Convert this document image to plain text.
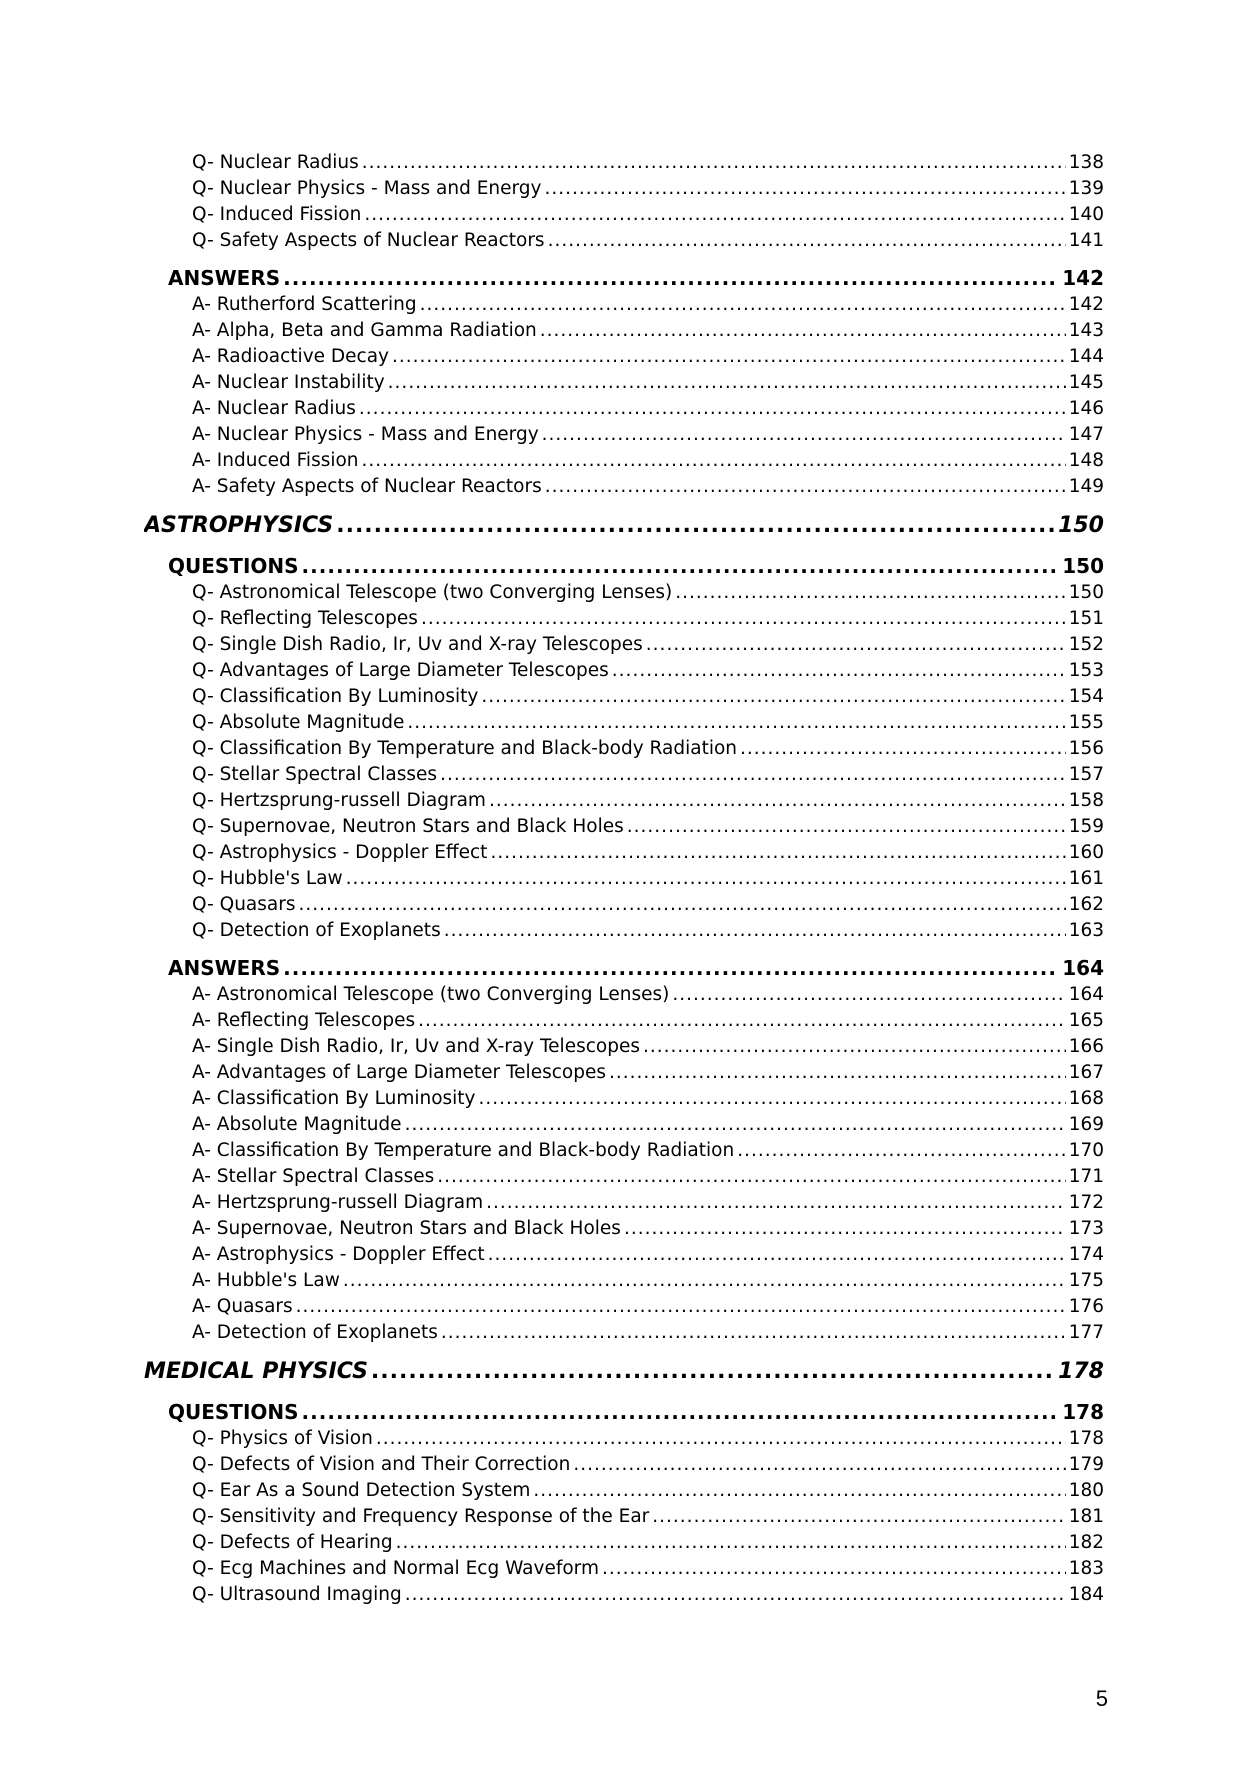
Q- Nuclear Radius .....	138
Q- Nuclear Physics - Mass and Energy .....	139
Q- Induced Fission .....	140
Q- Safety Aspects of Nuclear Reactors .....	141
ANSWERS .....	142
A- Rutherford Scattering .....	142
A- Alpha, Beta and Gamma Radiation .....	143
A- Radioactive Decay .....	144
A- Nuclear Instability .....	145
A- Nuclear Radius .....	146
A- Nuclear Physics - Mass and Energy .....	147
A- Induced Fission .....	148
A- Safety Aspects of Nuclear Reactors .....	149
ASTROPHYSICS .....	150
QUESTIONS .....	150
Q- Astronomical Telescope (two Converging Lenses) .....	150
Q- Reflecting Telescopes .....	151
Q- Single Dish Radio, Ir, Uv and X-ray Telescopes .....	152
Q- Advantages of Large Diameter Telescopes .....	153
Q- Classification By Luminosity .....	154
Q- Absolute Magnitude .....	155
Q- Classification By Temperature and Black-body Radiation .....	156
Q- Stellar Spectral Classes .....	157
Q- Hertzsprung-russell Diagram .....	158
Q- Supernovae, Neutron Stars and Black Holes .....	159
Q- Astrophysics - Doppler Effect .....	160
Q- Hubble's Law .....	161
Q- Quasars .....	162
Q- Detection of Exoplanets .....	163
ANSWERS .....	164
A- Astronomical Telescope (two Converging Lenses) .....	164
A- Reflecting Telescopes .....	165
A- Single Dish Radio, Ir, Uv and X-ray Telescopes .....	166
A- Advantages of Large Diameter Telescopes .....	167
A- Classification By Luminosity .....	168
A- Absolute Magnitude .....	169
A- Classification By Temperature and Black-body Radiation .....	170
A- Stellar Spectral Classes .....	171
A- Hertzsprung-russell Diagram .....	172
A- Supernovae, Neutron Stars and Black Holes .....	173
A- Astrophysics - Doppler Effect .....	174
A- Hubble's Law .....	175
A- Quasars .....	176
A- Detection of Exoplanets .....	177
MEDICAL PHYSICS .....	178
QUESTIONS .....	178
Q- Physics of Vision .....	178
Q- Defects of Vision and Their Correction .....	179
Q- Ear As a Sound Detection System .....	180
Q- Sensitivity and Frequency Response of the Ear .....	181
Q- Defects of Hearing .....	182
Q- Ecg Machines and Normal Ecg Waveform .....	183
Q- Ultrasound Imaging .....	184
5
